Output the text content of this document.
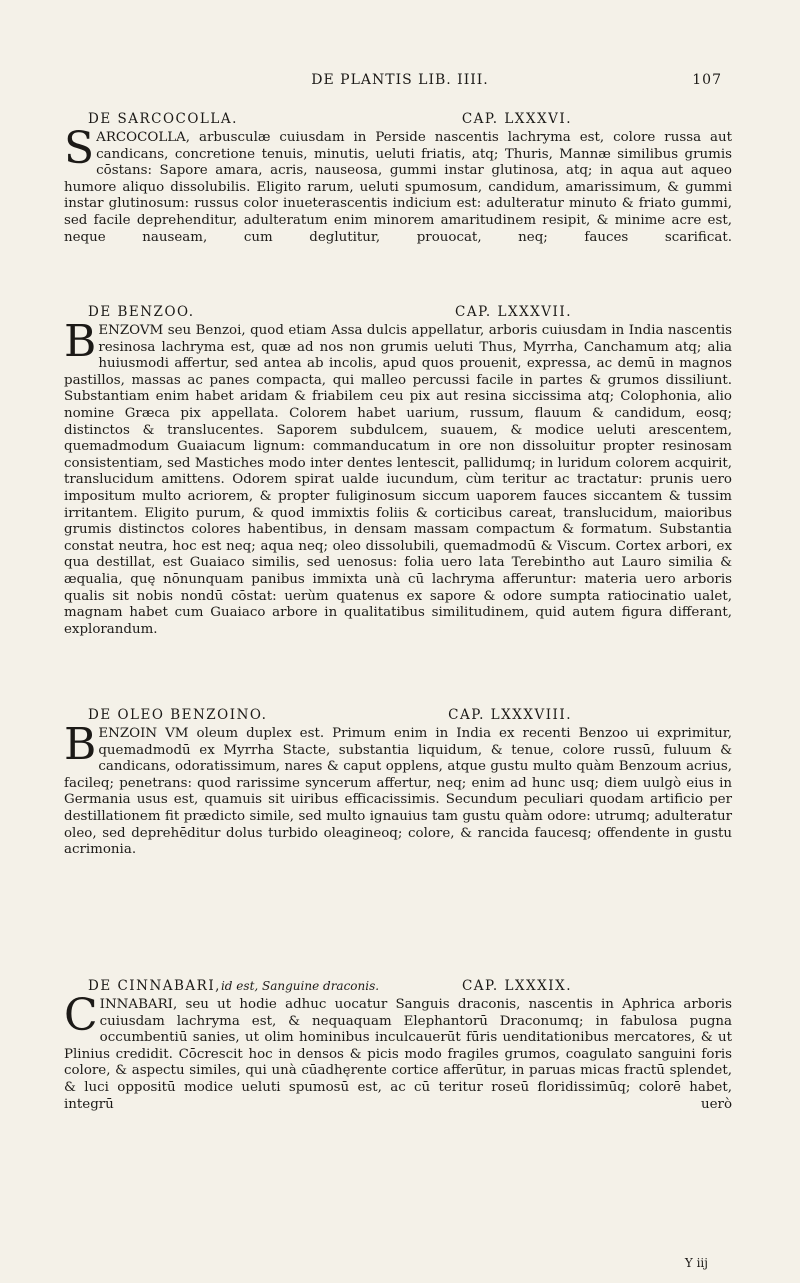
DE PLANTIS LIB. IIII.	107
DE SARCOCOLLA.	CAP. LXXXVI.

SARCOCOLLA, arbusculæ cuiusdam in Perside nascentis lachryma est, colore russa aut candicans, concretione tenuis, minutis, ueluti friatis, atq; Thuris, Mannæ similibus grumis cōstans: Sapore amara, acris, nauseosa, gummi instar glutinosa, atq; in aqua aut aqueo humore aliquo dissolubilis. Eligito rarum, ueluti spumosum, candidum, amarissimum, & gummi instar glutinosum: russus color inueterascentis indicium est: adulteratur minuto & friato gummi, sed facile deprehenditur, adulteratum enim minorem amaritudinem resipit, & minime acre est, neque nauseam, cum deglutitur, prouocat, neq; fauces scarificat.

DE BENZOO.	CAP. LXXXVII.

BENZOVM seu Benzoi, quod etiam Assa dulcis appellatur, arboris cuiusdam in India nascentis resinosa lachryma est, quæ ad nos non grumis ueluti Thus, Myrrha, Canchamum atq; alia huiusmodi affertur, sed antea ab incolis, apud quos prouenit, expressa, ac demū in magnos pastillos, massas ac panes compacta, qui malleo percussi facile in partes & grumos dissiliunt. Substantiam enim habet aridam & friabilem ceu pix aut resina siccissima atq; Colophonia, alio nomine Græca pix appellata. Colorem habet uarium, russum, flauum & candidum, eosq; distinctos & translucentes. Saporem subdulcem, suauem, & modice ueluti arescentem, quemadmodum Guaiacum lignum: commanducatum in ore non dissoluitur propter resinosam consistentiam, sed Mastiches modo inter dentes lentescit, pallidumq; in luridum colorem acquirit, translucidum amittens. Odorem spirat ualde iucundum, cùm teritur ac tractatur: prunis uero impositum multo acriorem, & propter fuliginosum siccum uaporem fauces siccantem & tussim irritantem. Eligito purum, & quod immixtis foliis & corticibus careat, translucidum, maioribus grumis distinctos colores habentibus, in densam massam compactum & formatum. Substantia constat neutra, hoc est neq; aqua neq; oleo dissolubili, quemadmodū & Viscum. Cortex arbori, ex qua destillat, est Guaiaco similis, sed uenosus: folia uero lata Terebintho aut Lauro similia & æqualia, quę nōnunquam panibus immixta unà cū lachryma afferuntur: materia uero arboris qualis sit nobis nondū cōstat: uerùm quatenus ex sapore & odore sumpta ratiocinatio ualet, magnam habet cum Guaiaco arbore in qualitatibus similitudinem, quid autem figura differant, explorandum.

DE OLEO BENZOINO.	CAP. LXXXVIII.

BENZOIN VM oleum duplex est. Primum enim in India ex recenti Benzoo ui exprimitur, quemadmodū ex Myrrha Stacte, substantia liquidum, & tenue, colore russū, fuluum & candicans, odoratissimum, nares & caput opplens, atque gustu multo quàm Benzoum acrius, facileq; penetrans: quod rarissime syncerum affertur, neq; enim ad hunc usq; diem uulgò eius in Germania usus est, quamuis sit uiribus efficacissimis. Secundum peculiari quodam artificio per destillationem fit prædicto simile, sed multo ignauius tam gustu quàm odore: utrumq; adulteratur oleo, sed deprehēditur dolus turbido oleagineoq; colore, & rancida faucesq; offendente in gustu acrimonia.

DE CINNABARI,id est, Sanguine draconis.	CAP. LXXXIX.

CINNABARI, seu ut hodie adhuc uocatur Sanguis draconis, nascentis in Aphrica arboris cuiusdam lachryma est, & nequaquam Elephantorū Draconumq; in fabulosa pugna occumbentiū sanies, ut olim hominibus inculcauerūt fūris uenditationibus mercatores, & ut Plinius credidit. Cōcrescit hoc in densos & picis modo fragiles grumos, coagulato sanguini foris colore, & aspectu similes, qui unà cūadhęrente cortice afferūtur, in paruas micas fractū splendet, & luci oppositū modice ueluti spumosū est, ac cū teritur roseū floridissimūq; colorē habet, integrū uerò

Y iij
